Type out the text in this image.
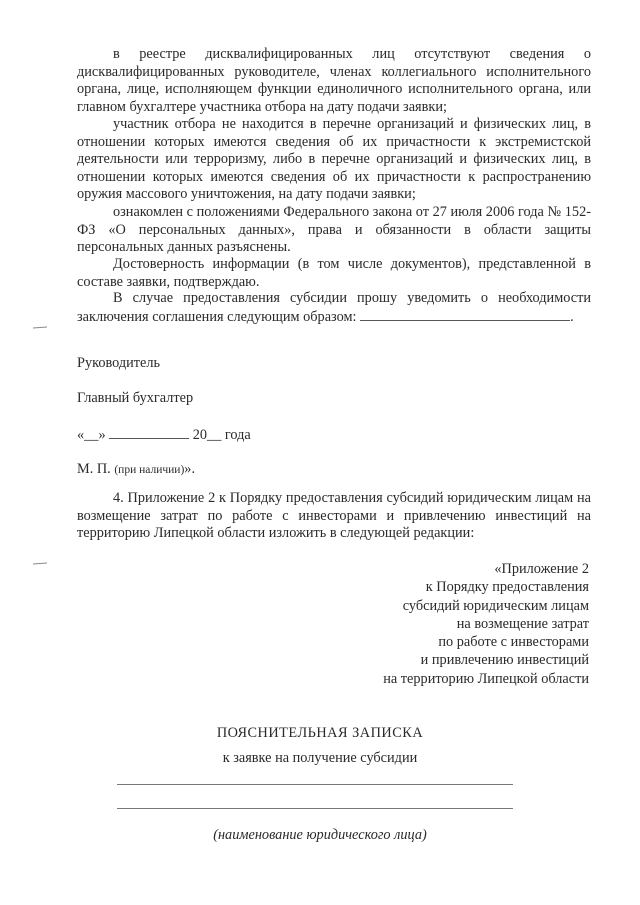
в реестре дисквалифицированных лиц отсутствуют сведения о дисквалифицированных руководителе, членах коллегиального исполнительного органа, лице, исполняющем функции единоличного исполнительного органа, или главном бухгалтере участника отбора на дату подачи заявки;

участник отбора не находится в перечне организаций и физических лиц, в отношении которых имеются сведения об их причастности к экстремистской деятельности или терроризму, либо в перечне организаций и физических лиц, в отношении которых имеются сведения об их причастности к распространению оружия массового уничтожения, на дату подачи заявки;

ознакомлен с положениями Федерального закона от 27 июля 2006 года № 152-ФЗ «О персональных данных», права и обязанности в области защиты персональных данных разъяснены.

Достоверность информации (в том числе документов), представленной в составе заявки, подтверждаю.

В случае предоставления субсидии прошу уведомить о необходимости заключения соглашения следующим образом:	.

Руководитель

Главный бухгалтер

«__»	20__ года

М. П. (при наличии)».

4. Приложение 2 к Порядку предоставления субсидий юридическим лицам на возмещение затрат по работе с инвесторами и привлечению инвестиций на территорию Липецкой области изложить в следующей редакции:

«Приложение 2
к Порядку предоставления
субсидий юридическим лицам
на возмещение затрат
по работе с инвесторами
и привлечению инвестиций
на территорию Липецкой области
ПОЯСНИТЕЛЬНАЯ ЗАПИСКА
к заявке на получение субсидии
(наименование юридического лица)
